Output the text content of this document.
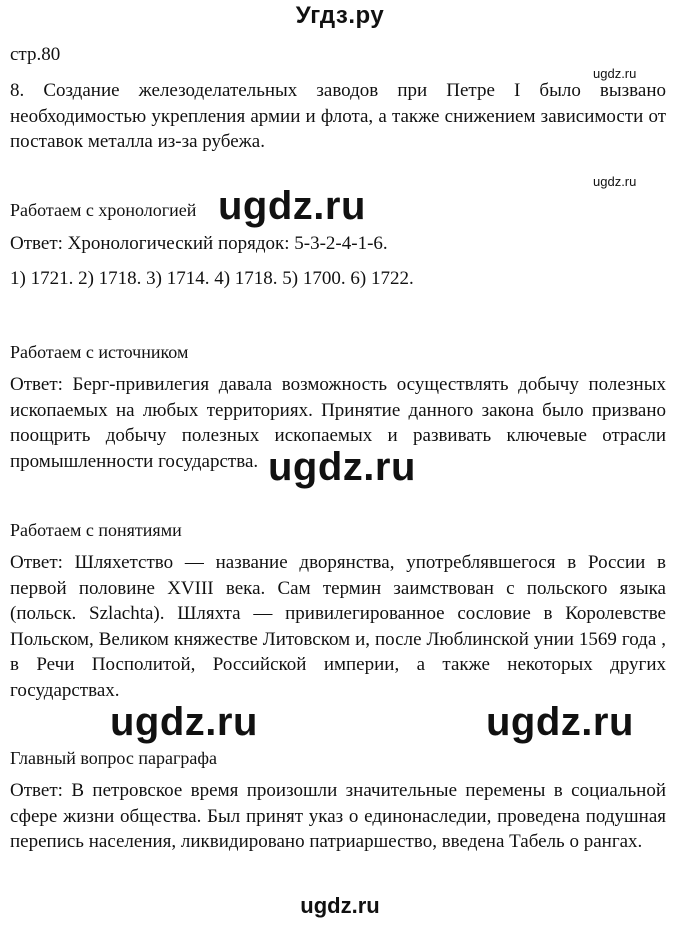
Угдз.ру
стр.80
ugdz.ru
ugdz.ru
8. Создание железоделательных заводов при Петре I было вызвано необходимостью укрепления армии и флота, а также снижением зависимости от поставок металла из-за рубежа.
Работаем с хронологией ugdz.ru
Ответ: Хронологический порядок: 5-3-2-4-1-6.
1) 1721. 2) 1718. 3) 1714. 4) 1718. 5) 1700. 6) 1722.
Работаем с источником
Ответ: Берг-привилегия давала возможность осуществлять добычу полезных ископаемых на любых территориях. Принятие данного закона было призвано поощрить добычу полезных ископаемых и развивать ключевые отрасли промышленности государства. ugdz.ru
Работаем с понятиями
Ответ: Шляхетство — название дворянства, употреблявшегося в России в первой половине XVIII века. Сам термин заимствован с польского языка (польск. Szlachta). Шляхта — привилегированное сословие в Королевстве Польском, Великом княжестве Литовском и, после Люблинской унии 1569 года , в Речи Посполитой, Российской империи, а также некоторых других государствах.
ugdz.ru	ugdz.ru
Главный вопрос параграфа
Ответ: В петровское время произошли значительные перемены в социальной сфере жизни общества. Был принят указ о единонаследии, проведена подушная перепись населения, ликвидировано патриаршество, введена Табель о рангах.
ugdz.ru
